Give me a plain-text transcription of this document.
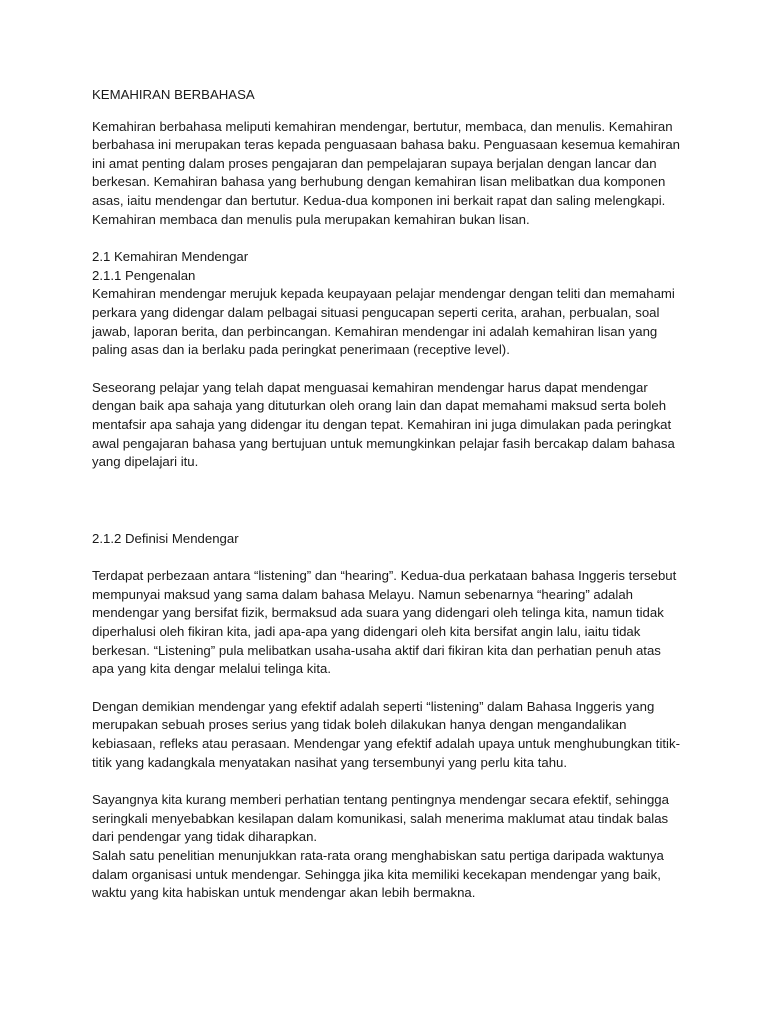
KEMAHIRAN BERBAHASA

Kemahiran berbahasa meliputi kemahiran mendengar, bertutur, membaca, dan menulis. Kemahiran berbahasa ini merupakan teras kepada penguasaan bahasa baku. Penguasaan kesemua kemahiran ini amat penting dalam proses pengajaran dan pempelajaran supaya berjalan dengan lancar dan berkesan. Kemahiran bahasa yang berhubung dengan kemahiran lisan melibatkan dua komponen asas, iaitu mendengar dan bertutur. Kedua-dua komponen ini berkait rapat dan saling melengkapi. Kemahiran membaca dan menulis pula merupakan kemahiran bukan lisan.

2.1 Kemahiran Mendengar

2.1.1 Pengenalan

Kemahiran mendengar merujuk kepada keupayaan pelajar mendengar dengan teliti dan memahami perkara yang didengar dalam pelbagai situasi pengucapan seperti cerita, arahan, perbualan, soal jawab, laporan berita, dan perbincangan. Kemahiran mendengar ini adalah kemahiran lisan yang paling asas dan ia berlaku pada peringkat penerimaan (receptive level).

Seseorang pelajar yang telah dapat menguasai kemahiran mendengar harus dapat mendengar dengan baik apa sahaja yang dituturkan oleh orang lain dan dapat memahami maksud serta boleh mentafsir apa sahaja yang didengar itu dengan tepat. Kemahiran ini juga dimulakan pada peringkat awal pengajaran bahasa yang bertujuan untuk memungkinkan pelajar fasih bercakap dalam bahasa yang dipelajari itu.

2.1.2 Definisi Mendengar

Terdapat perbezaan antara “listening” dan “hearing”. Kedua-dua perkataan bahasa Inggeris tersebut mempunyai maksud yang sama dalam bahasa Melayu. Namun sebenarnya “hearing” adalah mendengar yang bersifat fizik, bermaksud ada suara yang didengari oleh telinga kita, namun tidak diperhalusi oleh fikiran kita, jadi apa-apa yang didengari oleh kita bersifat angin lalu, iaitu tidak berkesan. “Listening” pula melibatkan usaha-usaha aktif dari fikiran kita dan perhatian penuh atas apa yang kita dengar melalui telinga kita.

Dengan demikian mendengar yang efektif adalah seperti “listening” dalam Bahasa Inggeris yang merupakan sebuah proses serius yang tidak boleh dilakukan hanya dengan mengandalikan kebiasaan, refleks atau perasaan. Mendengar yang efektif adalah upaya untuk menghubungkan titik-titik yang kadangkala menyatakan nasihat yang tersembunyi yang perlu kita tahu.

Sayangnya kita kurang memberi perhatian tentang pentingnya mendengar secara efektif, sehingga seringkali menyebabkan kesilapan dalam komunikasi, salah menerima maklumat atau tindak balas dari pendengar yang tidak diharapkan.

Salah satu penelitian menunjukkan rata-rata orang menghabiskan satu pertiga daripada waktunya dalam organisasi untuk mendengar. Sehingga jika kita memiliki kecekapan mendengar yang baik, waktu yang kita habiskan untuk mendengar akan lebih bermakna.
